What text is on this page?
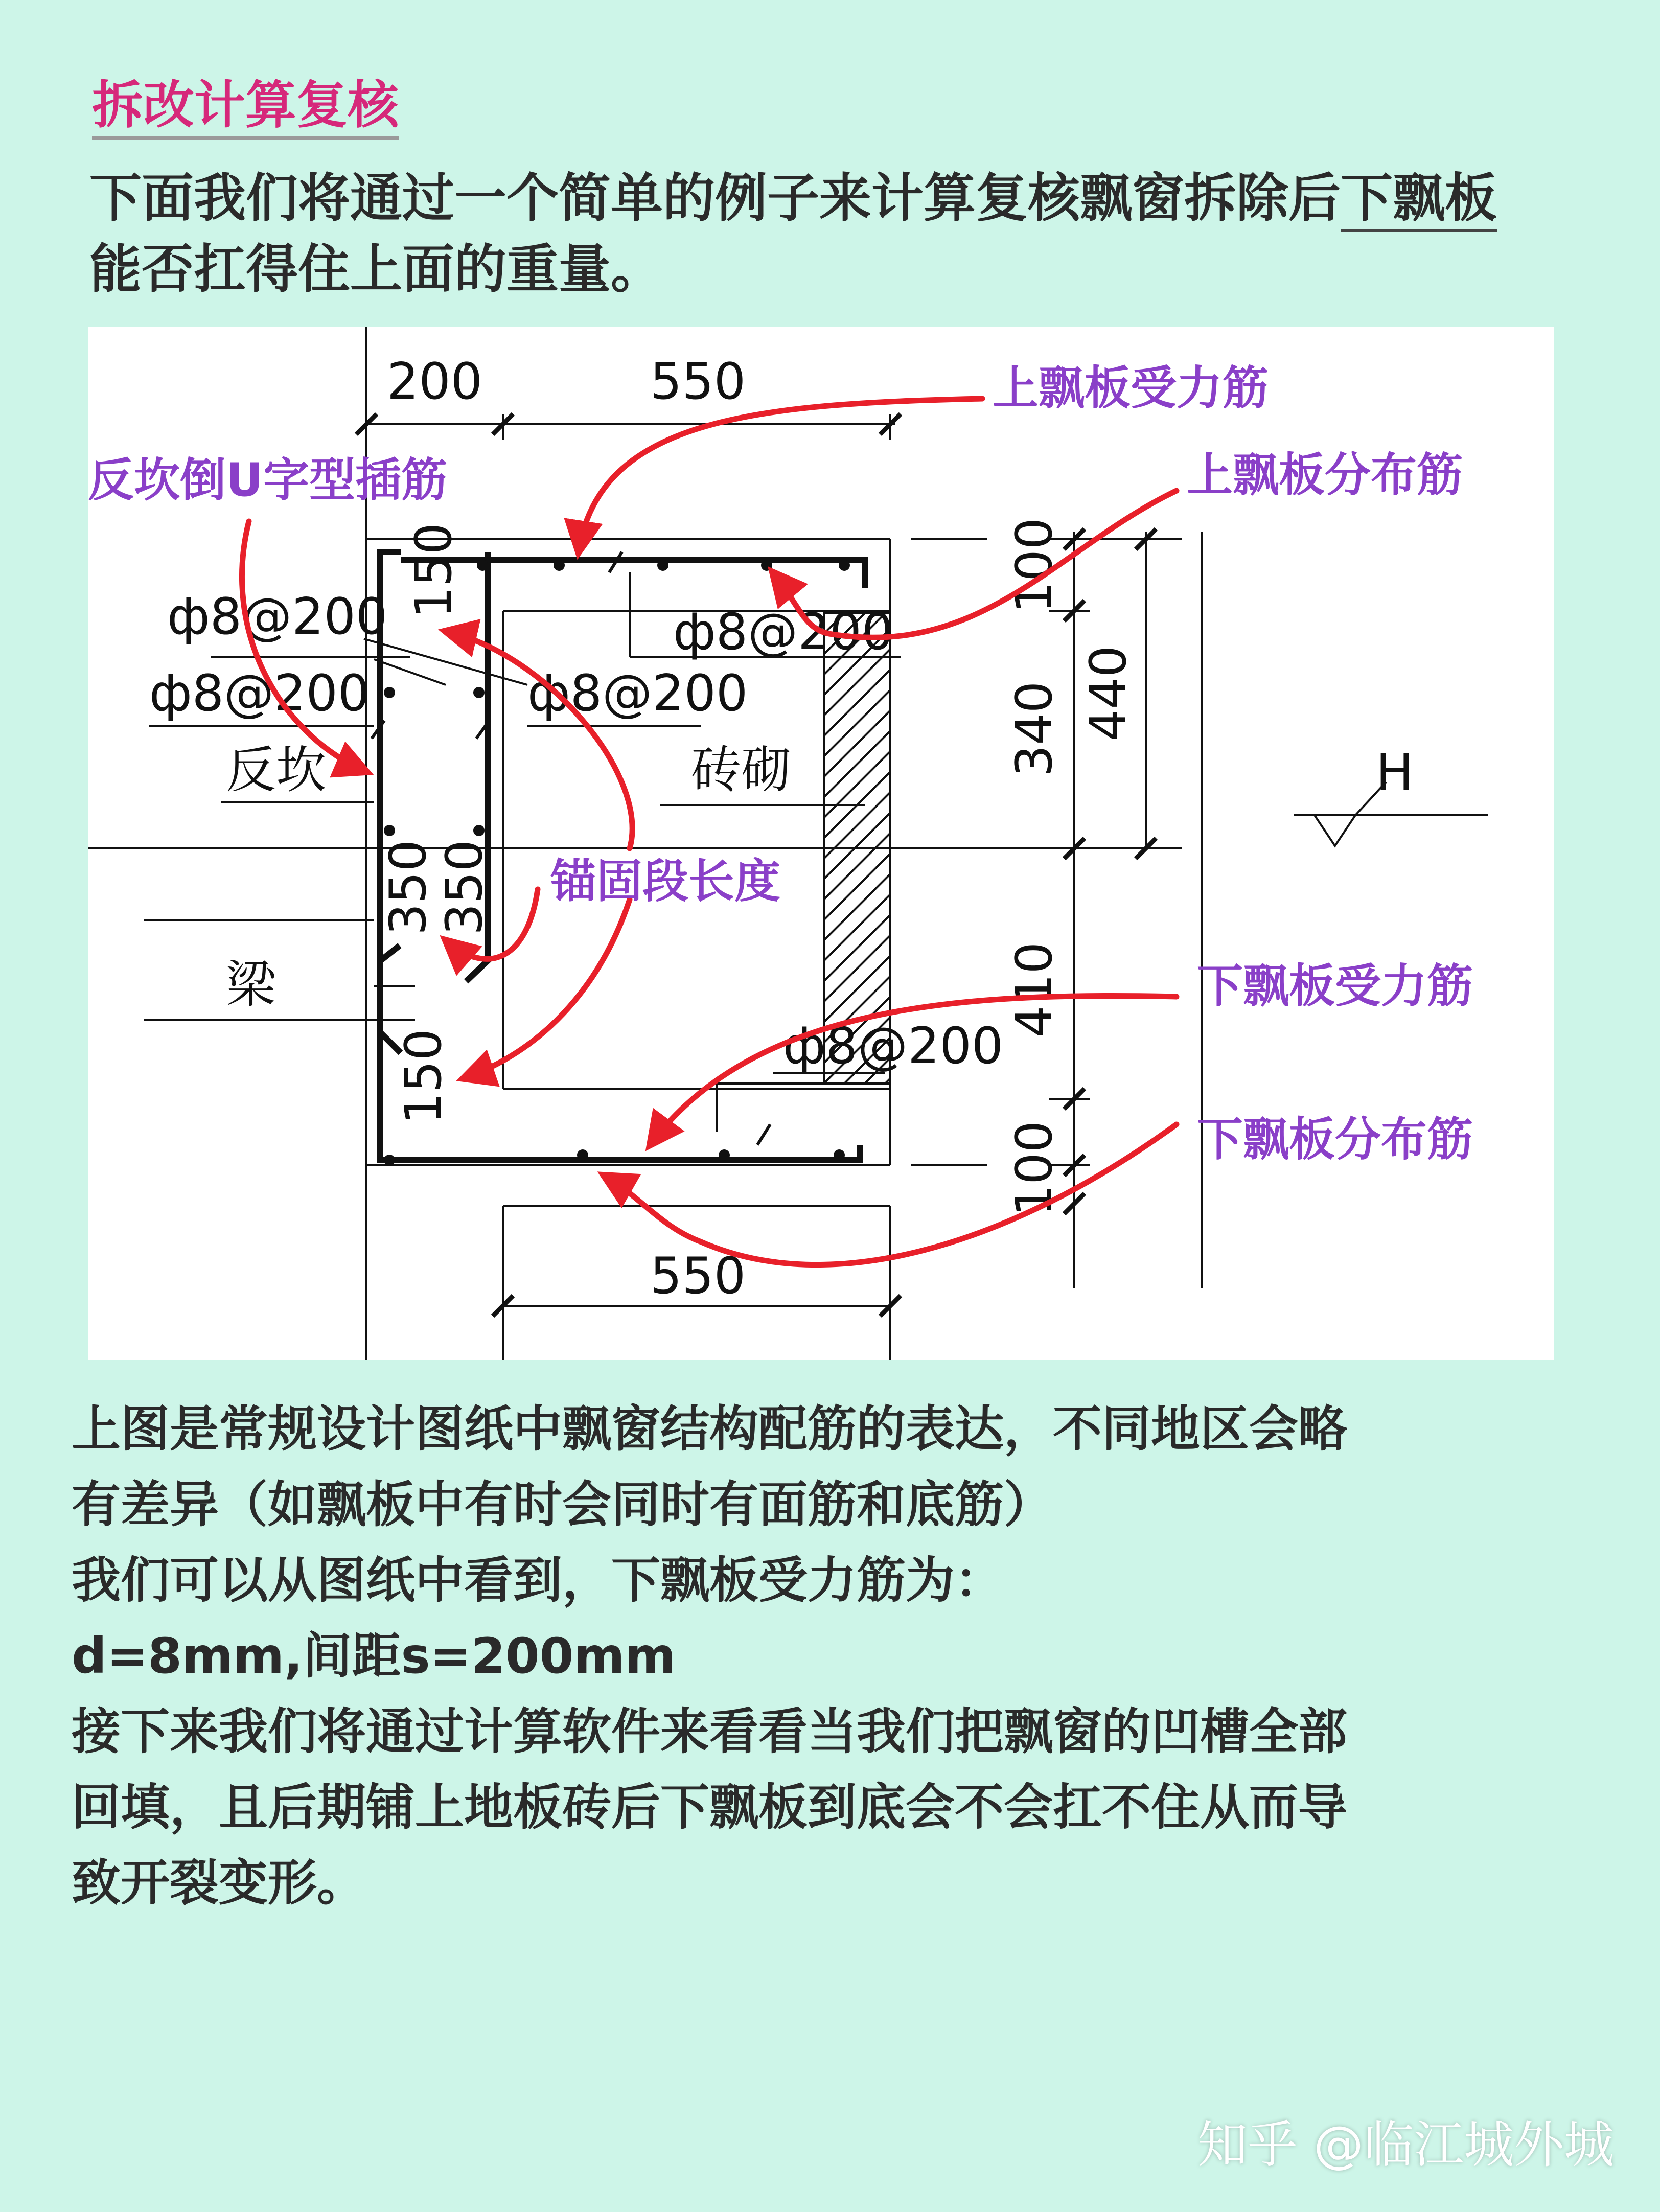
拆改计算复核
下面我们将通过一个简单的例子来计算复核飘窗拆除后下飘板能否扛得住上面的重量。
200	550
550
ф8@200
ф8@200	ф8@200
ф8@200
ф8@200
反坎
梁
砖砌	H
100
340 440
410
100
150
350
350
150
上飘板受力筋
上飘板分布筋
反坎倒U字型插筋
锚固段长度
下飘板受力筋
下飘板分布筋

上图是常规设计图纸中飘窗结构配筋的表达，不同地区会略

有差异（如飘板中有时会同时有面筋和底筋）

我们可以从图纸中看到，下飘板受力筋为：

d=8mm,间距s=200mm

接下来我们将通过计算软件来看看当我们把飘窗的凹槽全部

回填，且后期铺上地板砖后下飘板到底会不会扛不住从而导

致开裂变形。

知乎 @临江城外城
